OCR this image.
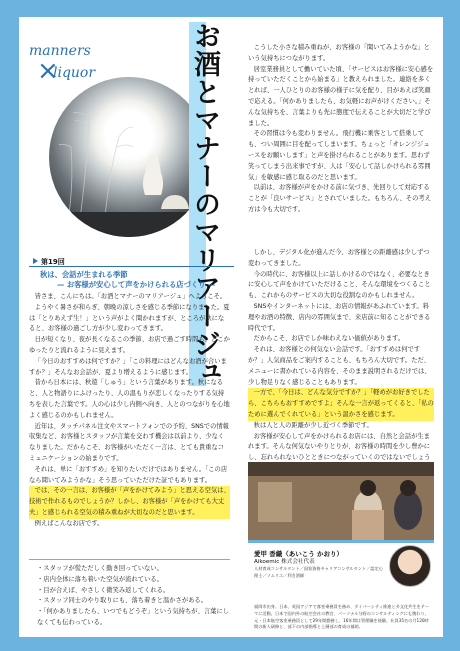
manners
liquor
×	お酒とマナーのマリアージュ	こうした小さな積み重ねが、お客様の「聞いてみようかな」という気持ちにつながります。

居室業務員として働いていた頃、「サービスはお客様に安心感を持っていただくことから始まる」と教えられました。連絡を多くとれば、一人ひとりのお客様の様子に気を配り、目があえば笑顔で応える。「何かありましたら、お気軽にお声がけください。」そんな気持ちを、言葉よりも先に態度で伝えることが大切だと学びました。

その習慣は今も変わりません。飛行機に乗客として搭乗しても、つい周囲に目を配ってしまいます。ちょっと「オレンジジュースをお願いします」と声を掛けられることがあります。思わず笑ってしまう出来事ですが、人は「安心して話しかけられる雰囲気」を敏感に感じ取るのだと思います。

以前は、お客様が声をかける前に気づき、先回りして対応することが「良いサービス」とされていました。もちろん、その考え方は今も大切です。

第19回
秋は、会話が生まれる季節
— お客様が安心して声をかけられる店づくり —

皆さま、こんにちは。「お酒とマナーのマリアージュ」へようこそ。

ようやく暑さが和らぎ、朝晩の涼しさを感じる季節になりました。夏は「とりあえず生！」という声がよく聞かれますが、ところが秋になると、お客様の過ごし方が少し変わってきます。

日が短くなり、夜が長くなるこの季節、お店で過ごす時間も、どこかゆったりと流れるように見えます。

「今日のおすすめは何ですか？」「この料理にはどんなお酒が合いますか？」そんなお会話が、夏より増えるように感じます。

昔から日本には、秋遊「しゅう」という言葉があります。秋になると、人と物語りにふけったり、人の温もりが恋しくなったりする気持ちを表した言葉です。人の心は少し内側へ向き、人とのつながりを心地よく感じるのかもしれません。

近年は、タッチパネル注文やスマートフォンでの予約、SNSでの情報収集など、お客様とスタッフが言葉を交わす機会は以前より、少なくなりました。だからこそ、お客様がいただく一言は、とても貴重なコミュニケーションの始まりです。

それは、単に「おすすめ」を知りたいだけではありません。「この店なら聞いてみようかな」そう思っていただけた証でもあります。

では、その一言は、お客様が「声をかけてみよう」と思える空気は、技術で作れるものでしょうか？しかし、お客様が「声をかけても大丈夫」と感じられる空気の積み重ねが大切なのだと思います。

例えばこんなお店です。

・ スタッフが慌ただしく動き回っていない。
・ 店内全体に落ち着いた空気が流れている。
・ 目が合えば、やさしく微笑み返してくれる。
・ スタッフ同士のやり取りにも、落ち着きと温かさがある。
・ 「何かありましたら、いつでもどうぞ」という気持ちが、言葉にしなくても伝わっている。

しかし、デジタル化が進んだ今、お客様との距離感は少しずつ変わってきました。

今の時代に、お客様以上に話しかけるのではなく、必要なときに安心して声をかけていただけること、そんな環境をつくることも、これからのサービスの大切な役割なのかもしれません。

SNSやインターネットには、お店の情報があふれています。料理やお酒の特徴、店内の雰囲気まで、来店前に知ることができる時代です。

だからこそ、お店でしか味わえない価値があります。

それは、お客様との何気ない会話です。「おすすめは何ですか？」人気商品をご案内することも、もちろん大切です。ただ、メニューに書かれている内容を、そのまま説明されるだけでは、少し物足りなく感じることもあります。

一方で、「今日は、どんな気分ですか？」「軽めがお好きでしたら、こちらもおすすめですよ」そんな一言が返ってくると、「私のために選んでくれている」という温かさを感じます。

秋は人と人の距離が少し近づく季節です。

お客様が安心して声をかけられるお店には、自然と会話が生まれます。そんな何気ないやりとりが、お客様の時間を少し豊かにし、忘れられないひとときにつながっていくのではないでしょう

愛甲 香織（あいこう かおり）
Aikoemic 株式会社代表
人材育成コンサルタント／国家資格キャリアコンサルタント／認定心理士／ソムリエ／利き酒師
福岡市出身。日本、英国アジアで客室乗務員を務め、ダイバーシティ推進と多文化共生をテーマに活動。日本で国内外の航空会社の教官、パーソナル分野のコンサルティングにも携わり、元・日本航空客室乗務員として29年間勤務し、16年間は管理職を経験。社員35名の月120時間の新人研修と、部下の内部指導と上層部の育成の補助。
